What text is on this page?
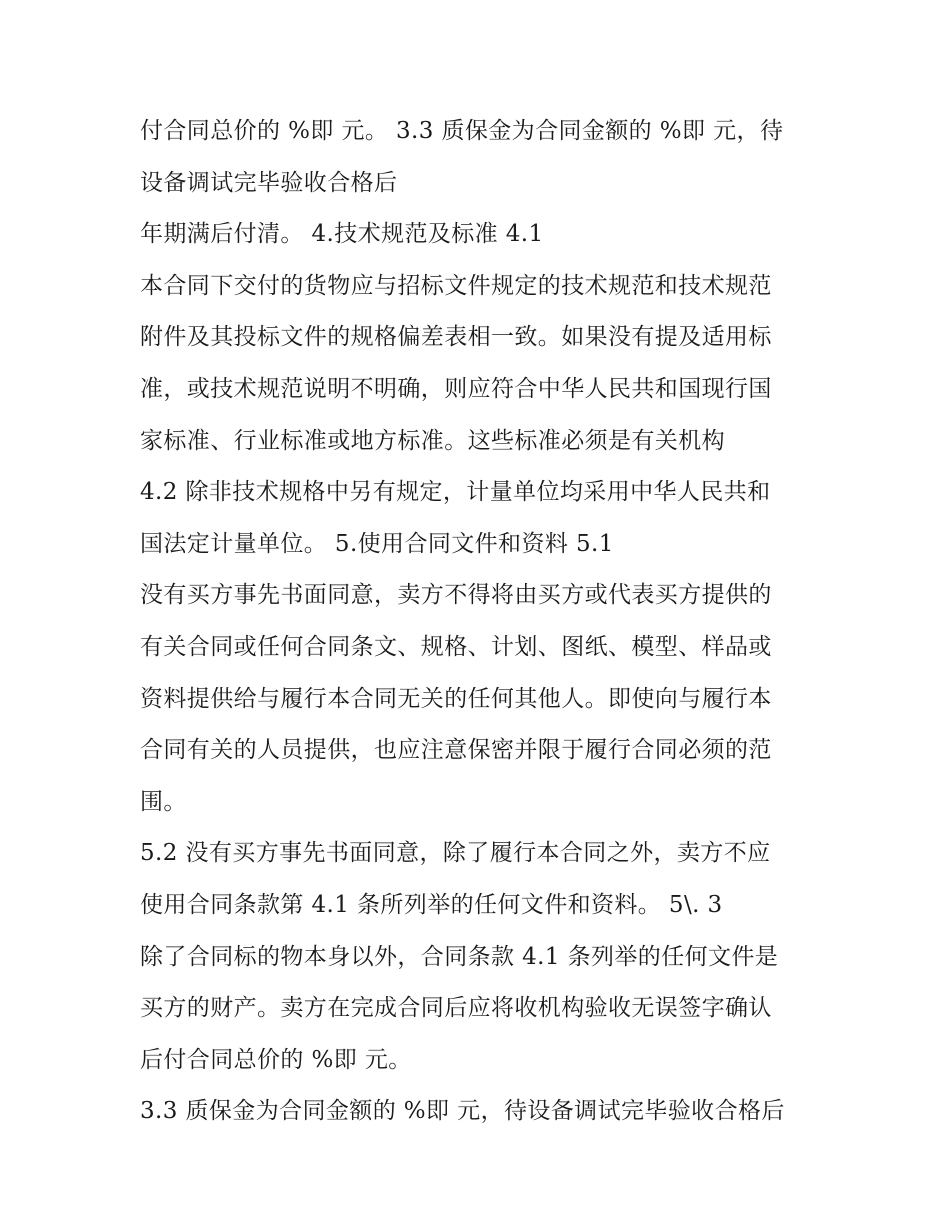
付合同总价的 %即 元。 3.3 质保金为合同金额的 %即 元，待
设备调试完毕验收合格后
年期满后付清。 4.技术规范及标准 4.1
本合同下交付的货物应与招标文件规定的技术规范和技术规范
附件及其投标文件的规格偏差表相一致。如果没有提及适用标
准，或技术规范说明不明确，则应符合中华人民共和国现行国
家标准、行业标准或地方标准。这些标准必须是有关机构
4.2 除非技术规格中另有规定，计量单位均采用中华人民共和
国法定计量单位。 5.使用合同文件和资料 5.1
没有买方事先书面同意，卖方不得将由买方或代表买方提供的
有关合同或任何合同条文、规格、计划、图纸、模型、样品或
资料提供给与履行本合同无关的任何其他人。即使向与履行本
合同有关的人员提供，也应注意保密并限于履行合同必须的范
围。
5.2 没有买方事先书面同意，除了履行本合同之外，卖方不应
使用合同条款第 4.1 条所列举的任何文件和资料。 5\. 3
除了合同标的物本身以外，合同条款 4.1 条列举的任何文件是
买方的财产。卖方在完成合同后应将收机构验收无误签字确认
后付合同总价的 %即 元。
3.3 质保金为合同金额的 %即 元，待设备调试完毕验收合格后
